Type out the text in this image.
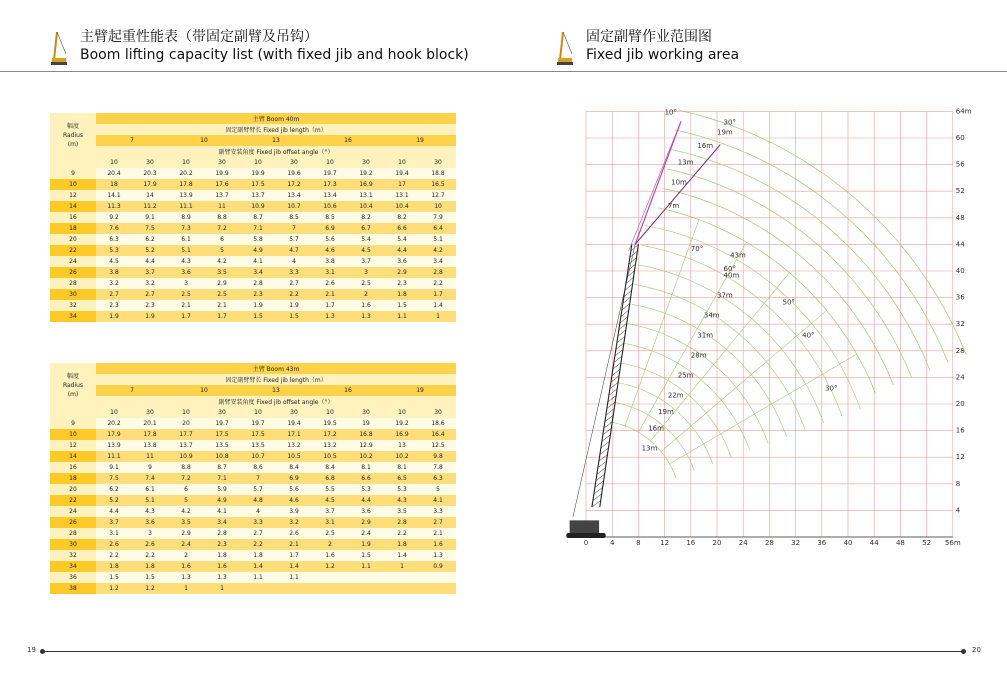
主臂起重性能表（带固定副臂及吊钩）
Boom lifting capacity list (with fixed jib and hook block)
固定副臂作业范围图
Fixed jib working area
幅度
Radius
(m)	主臂 Boom 40m									
	固定副臂臂长 Fixed jib length（m）									
	7		10		13		16		19	
	副臂安装角度 Fixed jib offset angle（°）									
	10	30	10	30	10	30	10	30	10	30
9	20.4	20.3	20.2	19.9	19.9	19.6	19.7	19.2	19.4	18.8
10	18	17.9	17.8	17.6	17.5	17.2	17.3	16.9	17	16.5
12	14.1	14	13.9	13.7	13.7	13.4	13.4	13.1	13.1	12.7
14	11.3	11.2	11.1	11	10.9	10.7	10.6	10.4	10.4	10
16	9.2	9.1	8.9	8.8	8.7	8.5	8.5	8.2	8.2	7.9
18	7.6	7.5	7.3	7.2	7.1	7	6.9	6.7	6.6	6.4
20	6.3	6.2	6.1	6	5.8	5.7	5.6	5.4	5.4	5.1
22	5.3	5.2	5.1	5	4.9	4.7	4.6	4.5	4.4	4.2
24	4.5	4.4	4.3	4.2	4.1	4	3.8	3.7	3.6	3.4
26	3.8	3.7	3.6	3.5	3.4	3.3	3.1	3	2.9	2.8
28	3.2	3.2	3	2.9	2.8	2.7	2.6	2.5	2.3	2.2
30	2.7	2.7	2.5	2.5	2.3	2.2	2.1	2	1.8	1.7
32	2.3	2.3	2.1	2.1	1.9	1.9	1.7	1.6	1.5	1.4
34	1.9	1.9	1.7	1.7	1.5	1.5	1.3	1.3	1.1	1
幅度
Radius
(m)	主臂 Boom 43m									
	固定副臂臂长 Fixed jib length（m）									
	7		10		13		16		19	
	副臂安装角度 Fixed jib offset angle（°）									
	10	30	10	30	10	30	10	30	10	30
9	20.2	20.1	20	19.7	19.7	19.4	19.5	19	19.2	18.6
10	17.9	17.8	17.7	17.5	17.5	17.1	17.2	16.8	16.9	16.4
12	13.9	13.8	13.7	13.5	13.5	13.2	13.2	12.9	13	12.5
14	11.1	11	10.9	10.8	10.7	10.5	10.5	10.2	10.2	9.8
16	9.1	9	8.8	8.7	8.6	8.4	8.4	8.1	8.1	7.8
18	7.5	7.4	7.2	7.1	7	6.9	6.8	6.6	6.5	6.3
20	6.2	6.1	6	5.9	5.7	5.6	5.5	5.3	5.3	5
22	5.2	5.1	5	4.9	4.8	4.6	4.5	4.4	4.3	4.1
24	4.4	4.3	4.2	4.1	4	3.9	3.7	3.6	3.5	3.3
26	3.7	3.6	3.5	3.4	3.3	3.2	3.1	2.9	2.8	2.7
28	3.1	3	2.9	2.8	2.7	2.6	2.5	2.4	2.2	2.1
30	2.6	2.6	2.4	2.3	2.2	2.1	2	1.9	1.8	1.6
32	2.2	2.2	2	1.8	1.8	1.7	1.6	1.5	1.4	1.3
34	1.8	1.8	1.6	1.6	1.4	1.4	1.2	1.1	1	0.9
36	1.5	1.5	1.3	1.3	1.1	1.1				
38	1.2	1.2	1	1						
0	4	8	12 16 20 24 28 32 36 40 44 48 52 56m
4
8
12
16
20
24
28
32
36
40
44
48
52
56
60
64m
13m
16m
19m
22m
25m
28m
31m
34m
37m
40m
43m
7m
10m
13m
16m
19m
70°
60°
50°
40°
30°
10°
30°
19	20
